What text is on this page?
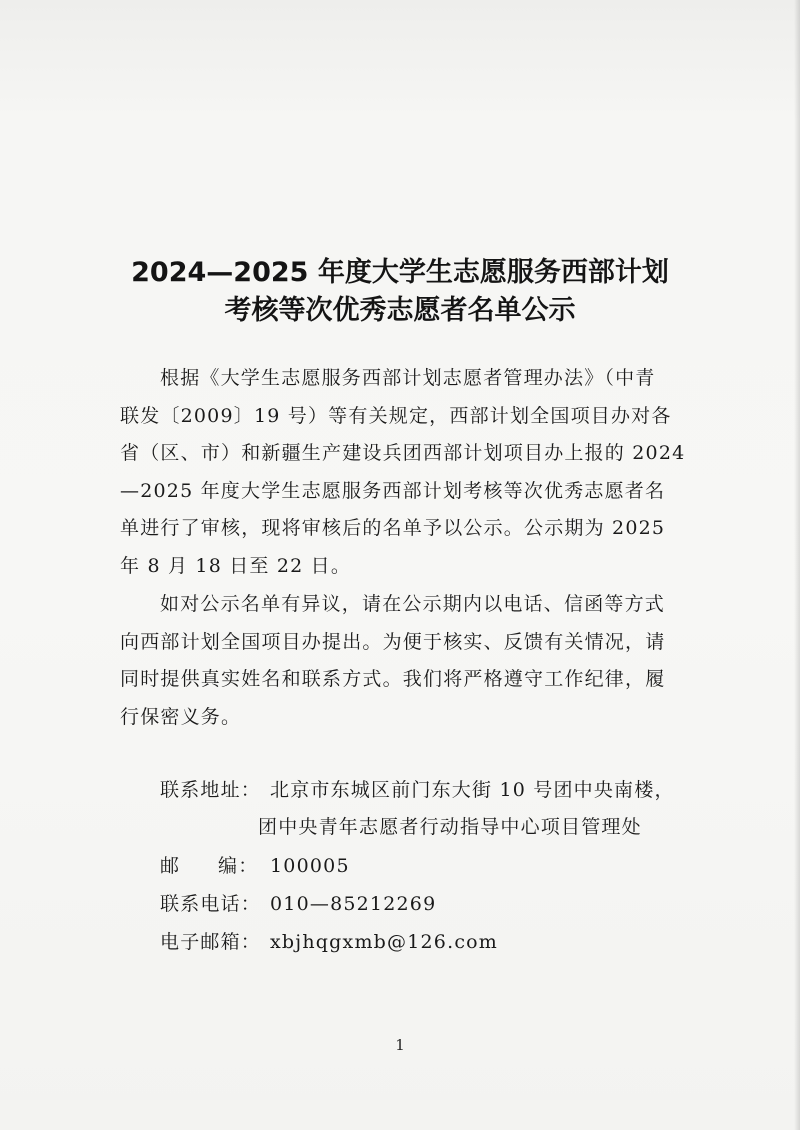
2024—2025 年度大学生志愿服务西部计划
考核等次优秀志愿者名单公示
根据《大学生志愿服务西部计划志愿者管理办法》（中青
联发〔2009〕19 号）等有关规定，西部计划全国项目办对各
省（区、市）和新疆生产建设兵团西部计划项目办上报的 2024
—2025 年度大学生志愿服务西部计划考核等次优秀志愿者名
单进行了审核，现将审核后的名单予以公示。公示期为 2025
年 8 月 18 日至 22 日。
如对公示名单有异议，请在公示期内以电话、信函等方式
向西部计划全国项目办提出。为便于核实、反馈有关情况，请
同时提供真实姓名和联系方式。我们将严格遵守工作纪律，履
行保密义务。
联系地址： 北京市东城区前门东大街 10 号团中央南楼，
团中央青年志愿者行动指导中心项目管理处
邮 编： 100005
联系电话： 010—85212269
电子邮箱： xbjhqgxmb@126.com
1
